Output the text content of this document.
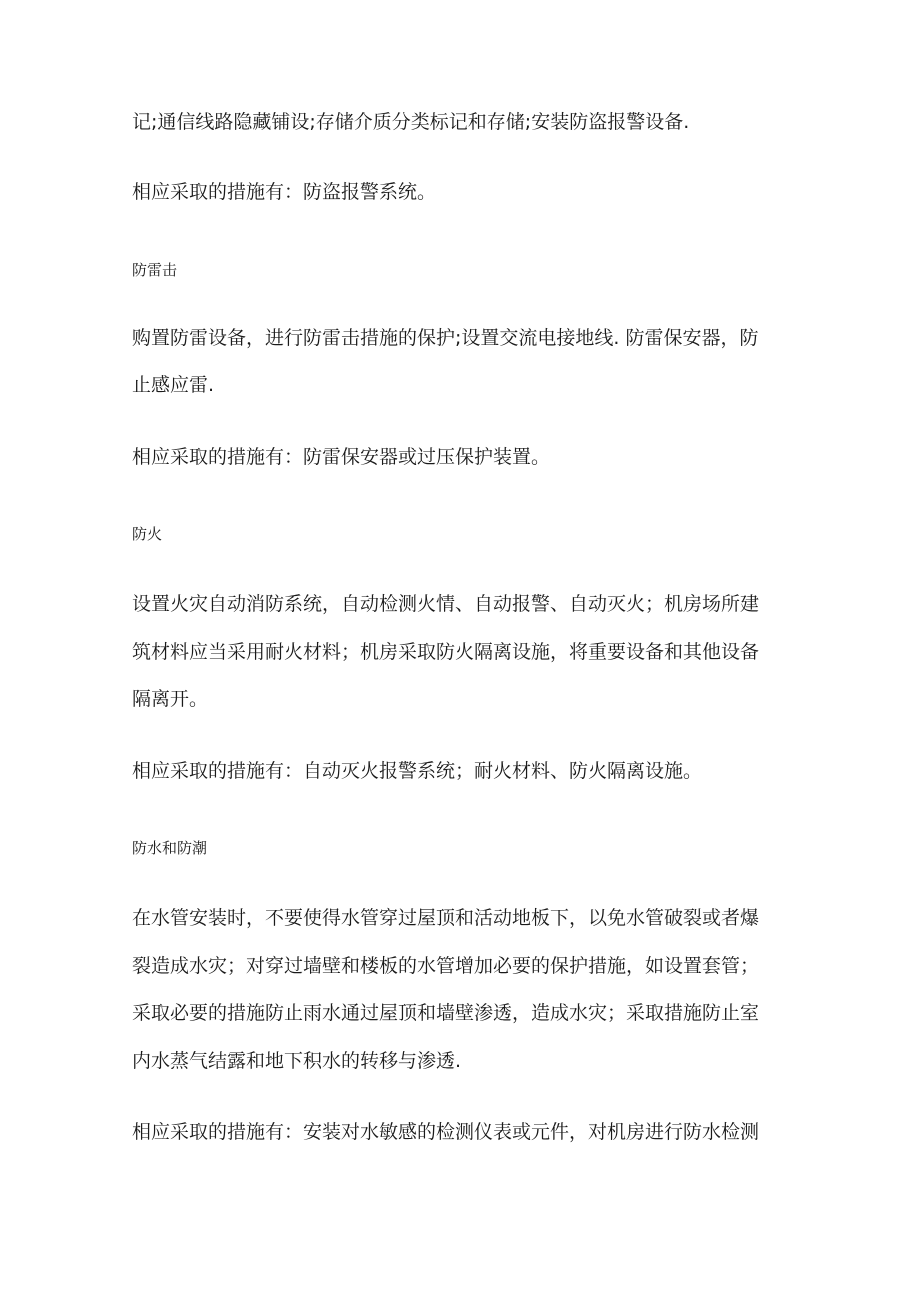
记;通信线路隐藏铺设;存储介质分类标记和存储;安装防盗报警设备.
相应采取的措施有：防盗报警系统。
防雷击
购置防雷设备，进行防雷击措施的保护;设置交流电接地线. 防雷保安器，防
止感应雷.
相应采取的措施有：防雷保安器或过压保护装置。
防火
设置火灾自动消防系统，自动检测火情、自动报警、自动灭火；机房场所建
筑材料应当采用耐火材料；机房采取防火隔离设施，将重要设备和其他设备
隔离开。
相应采取的措施有：自动灭火报警系统；耐火材料、防火隔离设施。
防水和防潮
在水管安装时，不要使得水管穿过屋顶和活动地板下，以免水管破裂或者爆
裂造成水灾；对穿过墙壁和楼板的水管增加必要的保护措施，如设置套管；
采取必要的措施防止雨水通过屋顶和墙壁渗透，造成水灾；采取措施防止室
内水蒸气结露和地下积水的转移与渗透.
相应采取的措施有：安装对水敏感的检测仪表或元件，对机房进行防水检测
